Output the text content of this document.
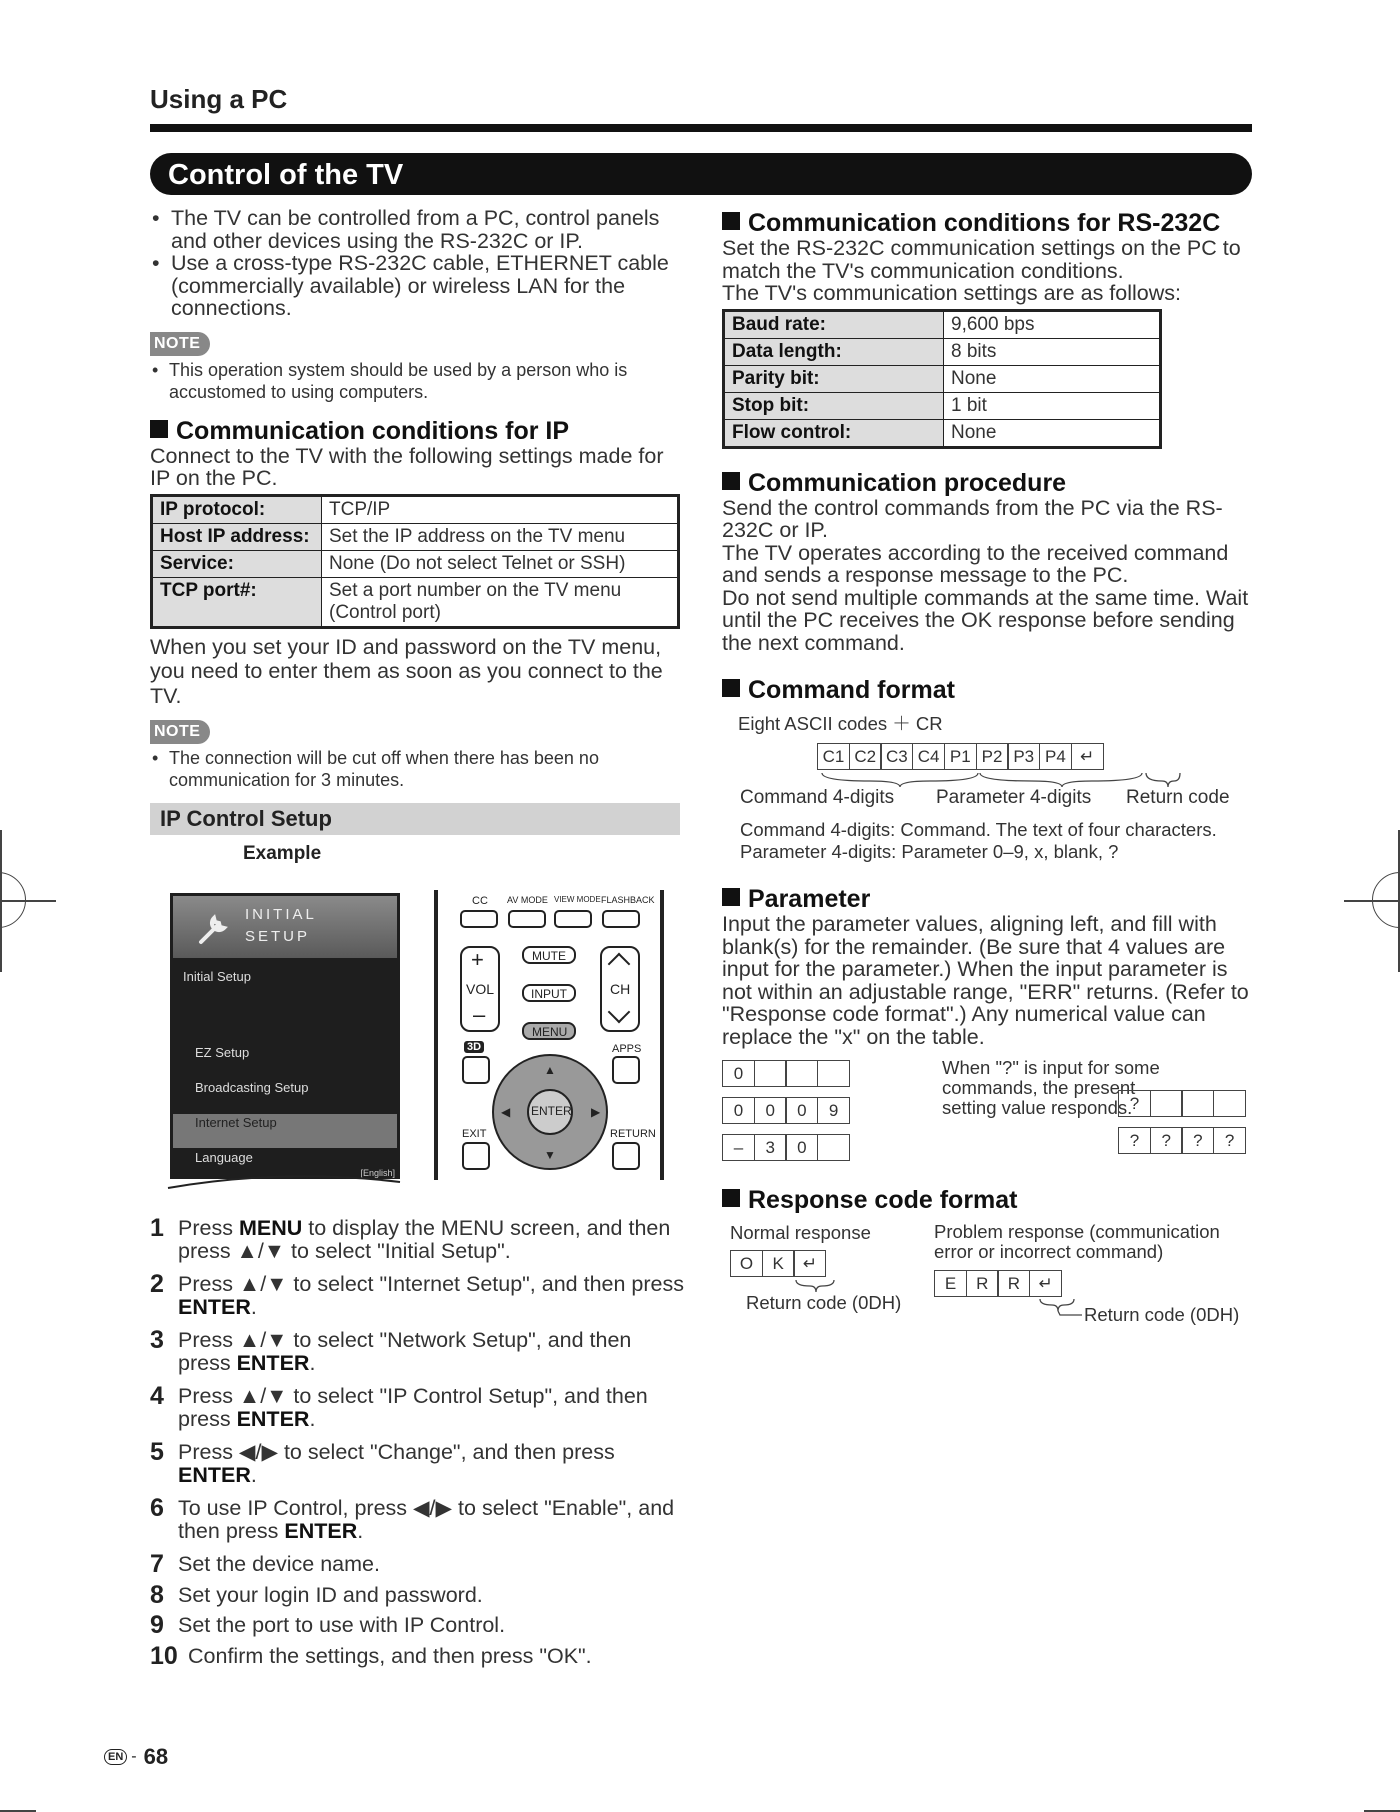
Using a PC
Control of the TV
• The TV can be controlled from a PC, control panels and other devices using the RS-232C or IP.
• Use a cross-type RS-232C cable, ETHERNET cable (commercially available) or wireless LAN for the connections.
NOTE
• This operation system should be used by a person who is accustomed to using computers.
Communication conditions for IP
Connect to the TV with the following settings made for IP on the PC.
IP protocol:	TCP/IP
Host IP address:	Set the IP address on the TV menu
Service:	None (Do not select Telnet or SSH)
TCP port#:	Set a port number on the TV menu (Control port)
When you set your ID and password on the TV menu, you need to enter them as soon as you connect to the TV.
NOTE
• The connection will be cut off when there has been no communication for 3 minutes.
IP Control Setup
Example
INITIAL
SETUP
Initial Setup
EZ Setup
Broadcasting Setup
Internet Setup
Language
[English]
CC AV MODE VIEW MODE FLASHBACK
+
VOL
–
MUTE
INPUT
MENU
CH
3D	APPS
▲
▼
◀	▶
ENTER
EXIT	RETURN
1 Press MENU to display the MENU screen, and then press ▲/▼ to select "Initial Setup".
2 Press ▲/▼ to select "Internet Setup", and then press ENTER.
3 Press ▲/▼ to select "Network Setup", and then press ENTER.
4 Press ▲/▼ to select "IP Control Setup", and then press ENTER.
5 Press ◀/▶ to select "Change", and then press ENTER.
6 To use IP Control, press ◀/▶ to select "Enable", and then press ENTER.
7 Set the device name.
8 Set your login ID and password.
9 Set the port to use with IP Control.
10 Confirm the settings, and then press "OK".
Communication conditions for RS-232C
Set the RS-232C communication settings on the PC to match the TV's communication conditions.
The TV's communication settings are as follows:
Baud rate:	9,600 bps
Data length:	8 bits
Parity bit:	None
Stop bit:	1 bit
Flow control:	None
Communication procedure
Send the control commands from the PC via the RS-232C or IP.
The TV operates according to the received command and sends a response message to the PC.
Do not send multiple commands at the same time. Wait until the PC receives the OK response before sending the next command.
Command format
Eight ASCII codes ＋ CR
C1 C2 C3 C4 P1 P2 P3 P4 ↵
Command 4-digits Parameter 4-digits Return code
Command 4-digits: Command. The text of four characters.
Parameter 4-digits: Parameter 0–9, x, blank, ?
Parameter
Input the parameter values, aligning left, and fill with blank(s) for the remainder. (Be sure that 4 values are input for the parameter.) When the input parameter is not within an adjustable range, "ERR" returns. (Refer to "Response code format".) Any numerical value can replace the "x" on the table.
0
0	0	0	9
–	3	0
When "?" is input for some commands, the present setting value responds.
?
?	?	?	?
Response code format
Normal response
O	K	↵
Return code (0DH)
Problem response (communication error or incorrect command)
E	R	R	↵
Return code (0DH)
EN - 68
